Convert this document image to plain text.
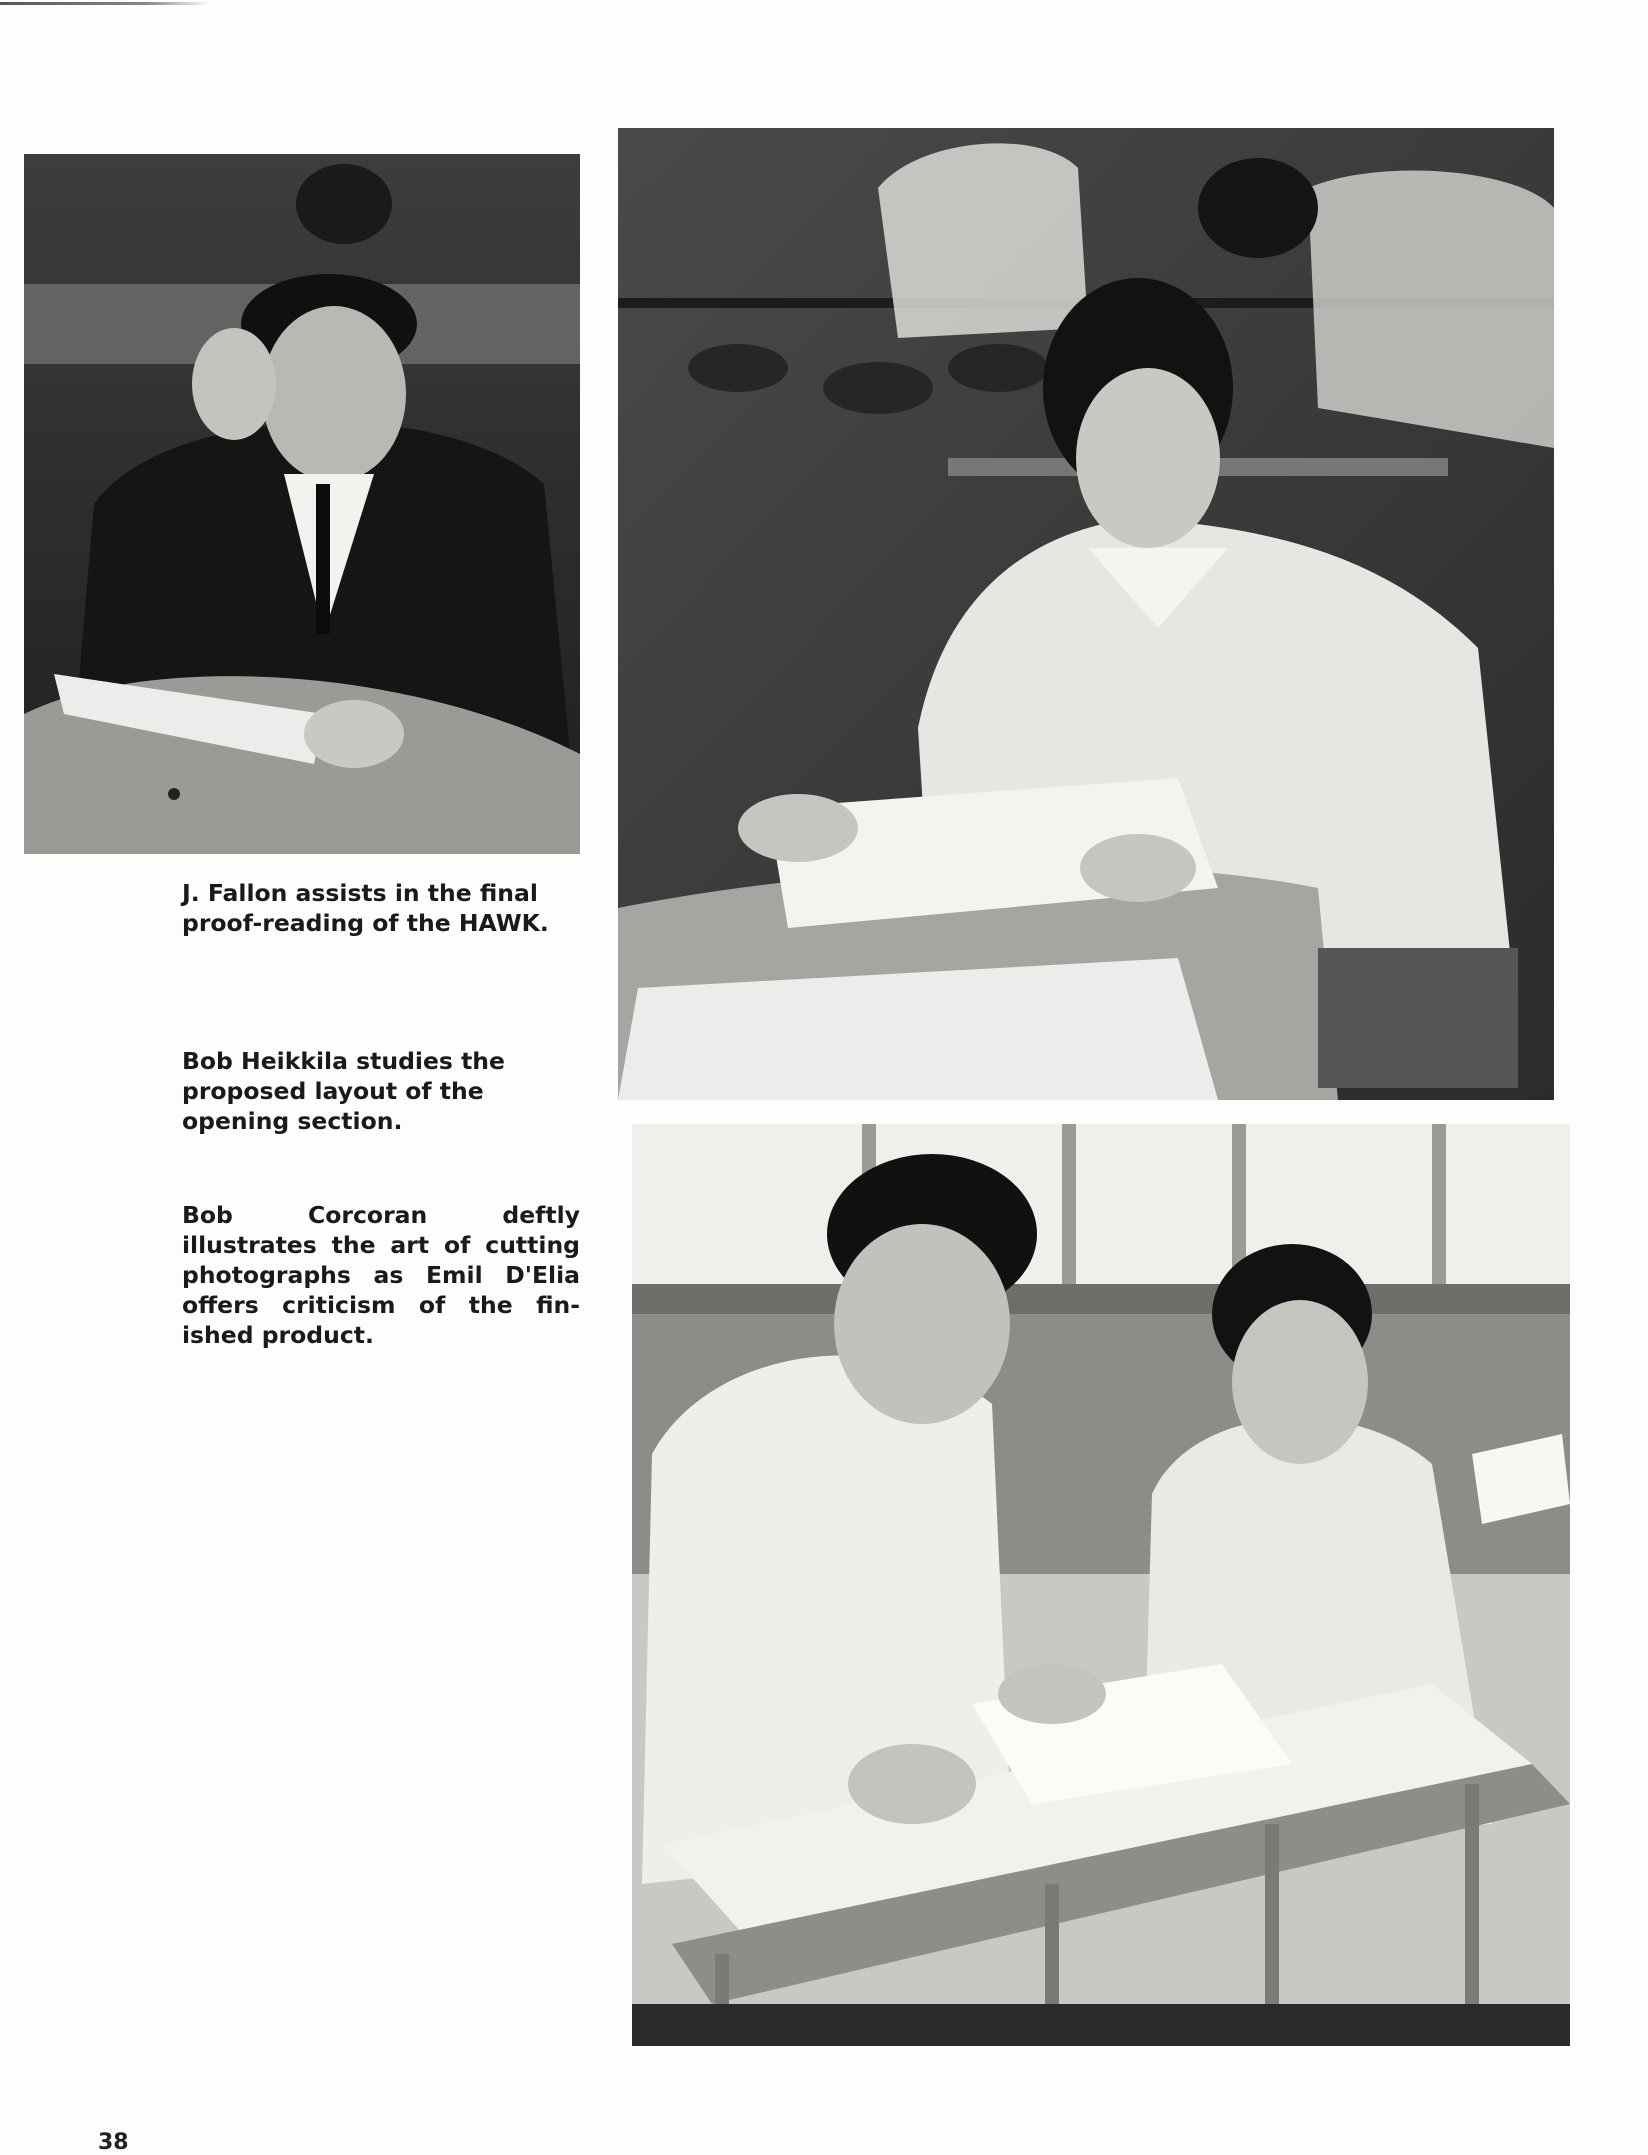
J. Fallon assists in the final proof-reading of the HAWK.

Bob Heikkila studies the proposed layout of the opening section.

Bob Corcoran deftly illustrates the art of cutting photographs as Emil D'Elia offers criticism of the fin-ished product.

38
